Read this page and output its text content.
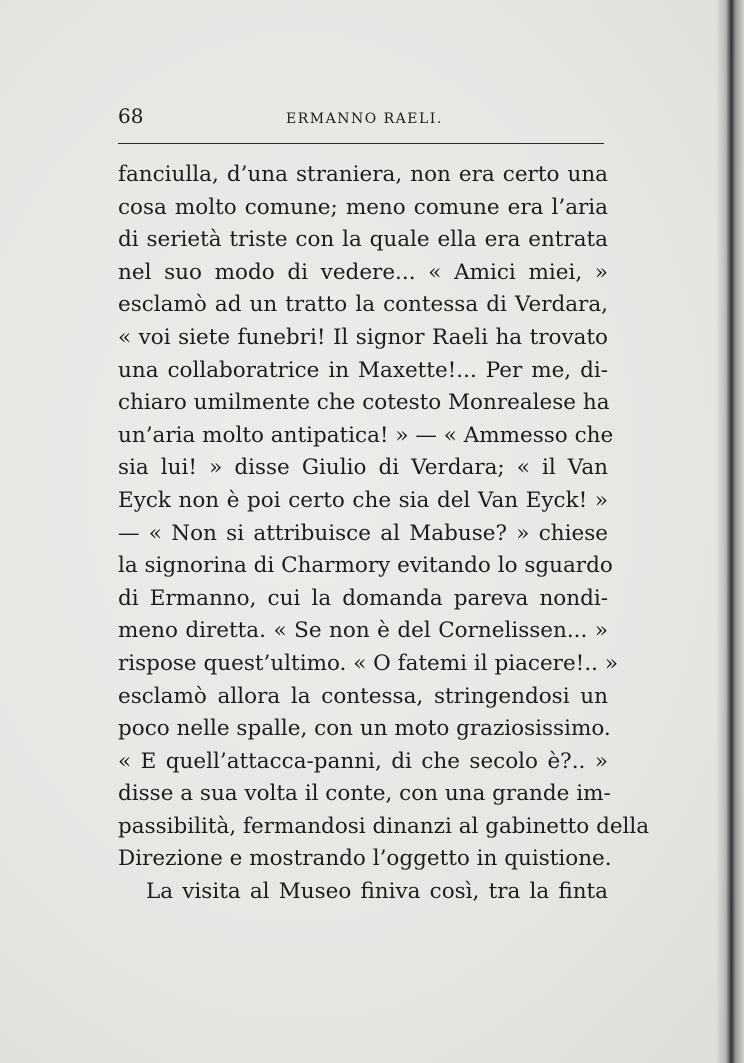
68	ERMANNO RAELI.
fanciulla, d’una straniera, non era certo una
cosa molto comune; meno comune era l’aria
di serietà triste con la quale ella era entrata
nel suo modo di vedere... « Amici miei, »
esclamò ad un tratto la contessa di Verdara,
« voi siete funebri! Il signor Raeli ha trovato
una collaboratrice in Maxette!... Per me, di-
chiaro umilmente che cotesto Monrealese ha
un’aria molto antipatica! » — « Ammesso che
sia lui! » disse Giulio di Verdara; « il Van
Eyck non è poi certo che sia del Van Eyck! »
— « Non si attribuisce al Mabuse? » chiese
la signorina di Charmory evitando lo sguardo
di Ermanno, cui la domanda pareva nondi-
meno diretta. « Se non è del Cornelissen... »
rispose quest’ultimo. « O fatemi il piacere!.. »
esclamò allora la contessa, stringendosi un
poco nelle spalle, con un moto graziosissimo.
« E quell’attacca-panni, di che secolo è?.. »
disse a sua volta il conte, con una grande im-
passibilità, fermandosi dinanzi al gabinetto della
Direzione e mostrando l’oggetto in quistione.
La visita al Museo finiva così, tra la finta
